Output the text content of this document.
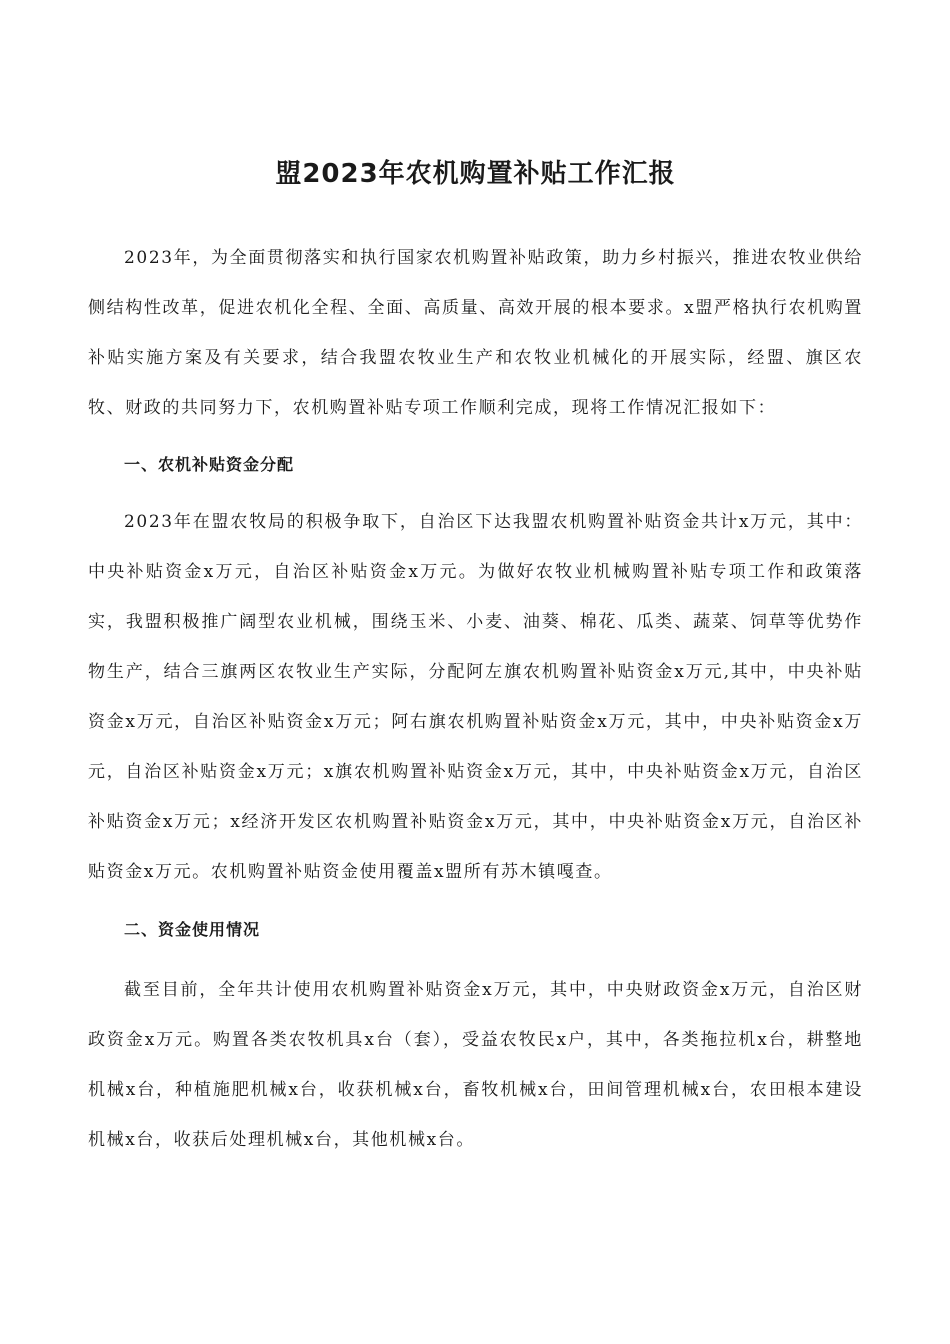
盟2023年农机购置补贴工作汇报

2023年，为全面贯彻落实和执行国家农机购置补贴政策，助力乡村振兴，推进农牧业供给侧结构性改革，促进农机化全程、全面、高质量、高效开展的根本要求。x盟严格执行农机购置补贴实施方案及有关要求，结合我盟农牧业生产和农牧业机械化的开展实际，经盟、旗区农牧、财政的共同努力下，农机购置补贴专项工作顺利完成，现将工作情况汇报如下：

一、农机补贴资金分配

2023年在盟农牧局的积极争取下，自治区下达我盟农机购置补贴资金共计x万元，其中：中央补贴资金x万元，自治区补贴资金x万元。为做好农牧业机械购置补贴专项工作和政策落实，我盟积极推广阔型农业机械，围绕玉米、小麦、油葵、棉花、瓜类、蔬菜、饲草等优势作物生产，结合三旗两区农牧业生产实际，分配阿左旗农机购置补贴资金x万元,其中，中央补贴资金x万元，自治区补贴资金x万元；阿右旗农机购置补贴资金x万元，其中，中央补贴资金x万元，自治区补贴资金x万元；x旗农机购置补贴资金x万元，其中，中央补贴资金x万元，自治区补贴资金x万元；x经济开发区农机购置补贴资金x万元，其中，中央补贴资金x万元，自治区补贴资金x万元。农机购置补贴资金使用覆盖x盟所有苏木镇嘎查。

二、资金使用情况

截至目前，全年共计使用农机购置补贴资金x万元，其中，中央财政资金x万元，自治区财政资金x万元。购置各类农牧机具x台（套），受益农牧民x户，其中，各类拖拉机x台，耕整地机械x台，种植施肥机械x台，收获机械x台，畜牧机械x台，田间管理机械x台，农田根本建设机械x台，收获后处理机械x台，其他机械x台。
